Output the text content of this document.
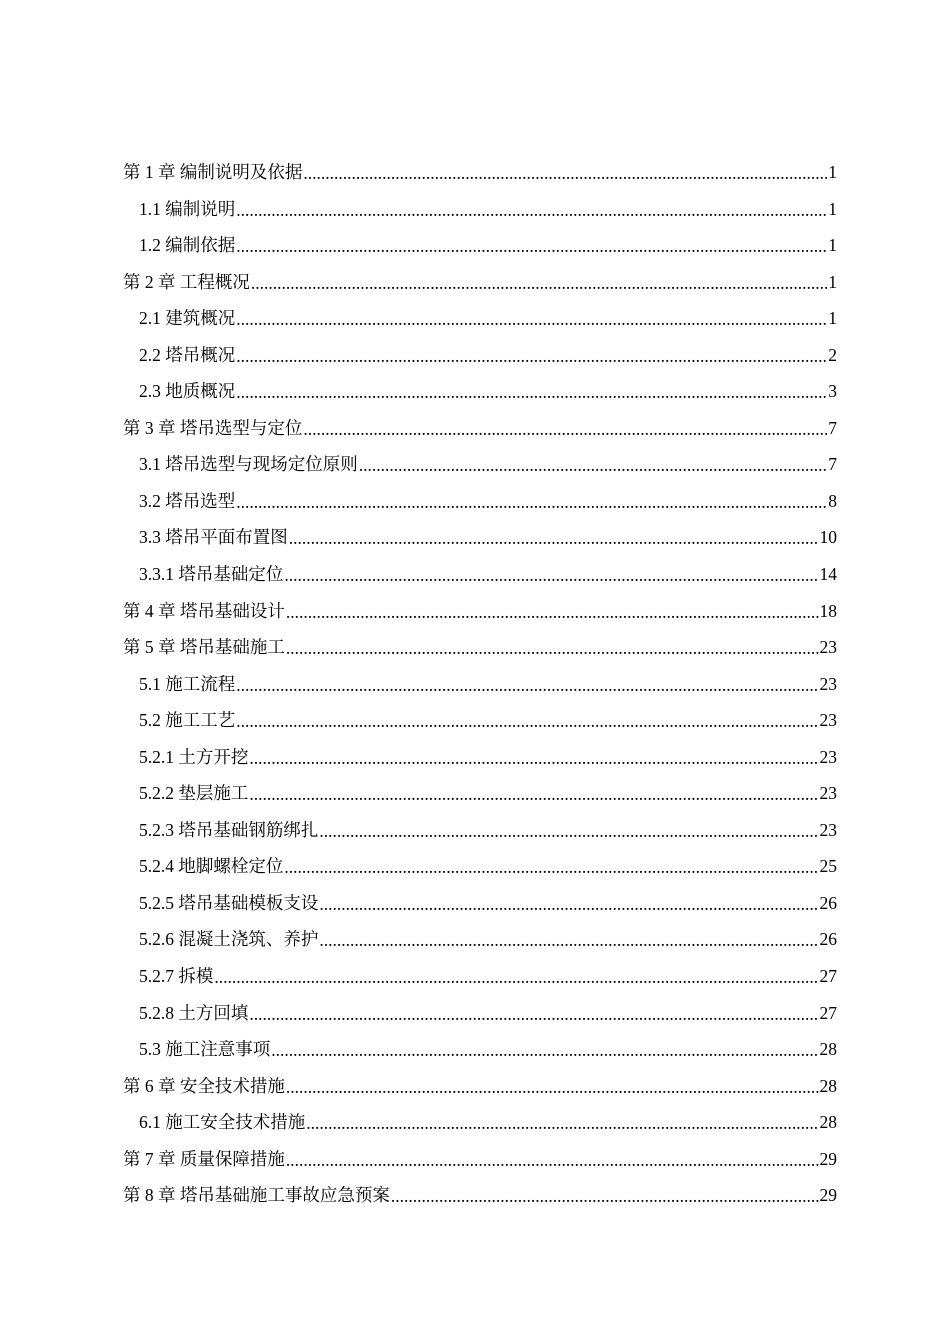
第 1 章 编制说明及依据 .....	1
1.1 编制说明 .....	1
1.2 编制依据 .....	1
第 2 章 工程概况 .....	1
2.1 建筑概况 .....	1
2.2 塔吊概况 .....	2
2.3 地质概况 .....	3
第 3 章 塔吊选型与定位 .....	7
3.1 塔吊选型与现场定位原则 .....	7
3.2 塔吊选型 .....	8
3.3 塔吊平面布置图 .....	10
3.3.1 塔吊基础定位 .....	14
第 4 章 塔吊基础设计 .....	18
第 5 章 塔吊基础施工 .....	23
5.1 施工流程 .....	23
5.2 施工工艺 .....	23
5.2.1 土方开挖 .....	23
5.2.2 垫层施工 .....	23
5.2.3 塔吊基础钢筋绑扎 .....	23
5.2.4 地脚螺栓定位 .....	25
5.2.5 塔吊基础模板支设 .....	26
5.2.6 混凝土浇筑、养护 .....	26
5.2.7 拆模 .....	27
5.2.8 土方回填 .....	27
5.3 施工注意事项 .....	28
第 6 章 安全技术措施 .....	28
6.1 施工安全技术措施 .....	28
第 7 章 质量保障措施 .....	29
第 8 章 塔吊基础施工事故应急预案 .....	29
